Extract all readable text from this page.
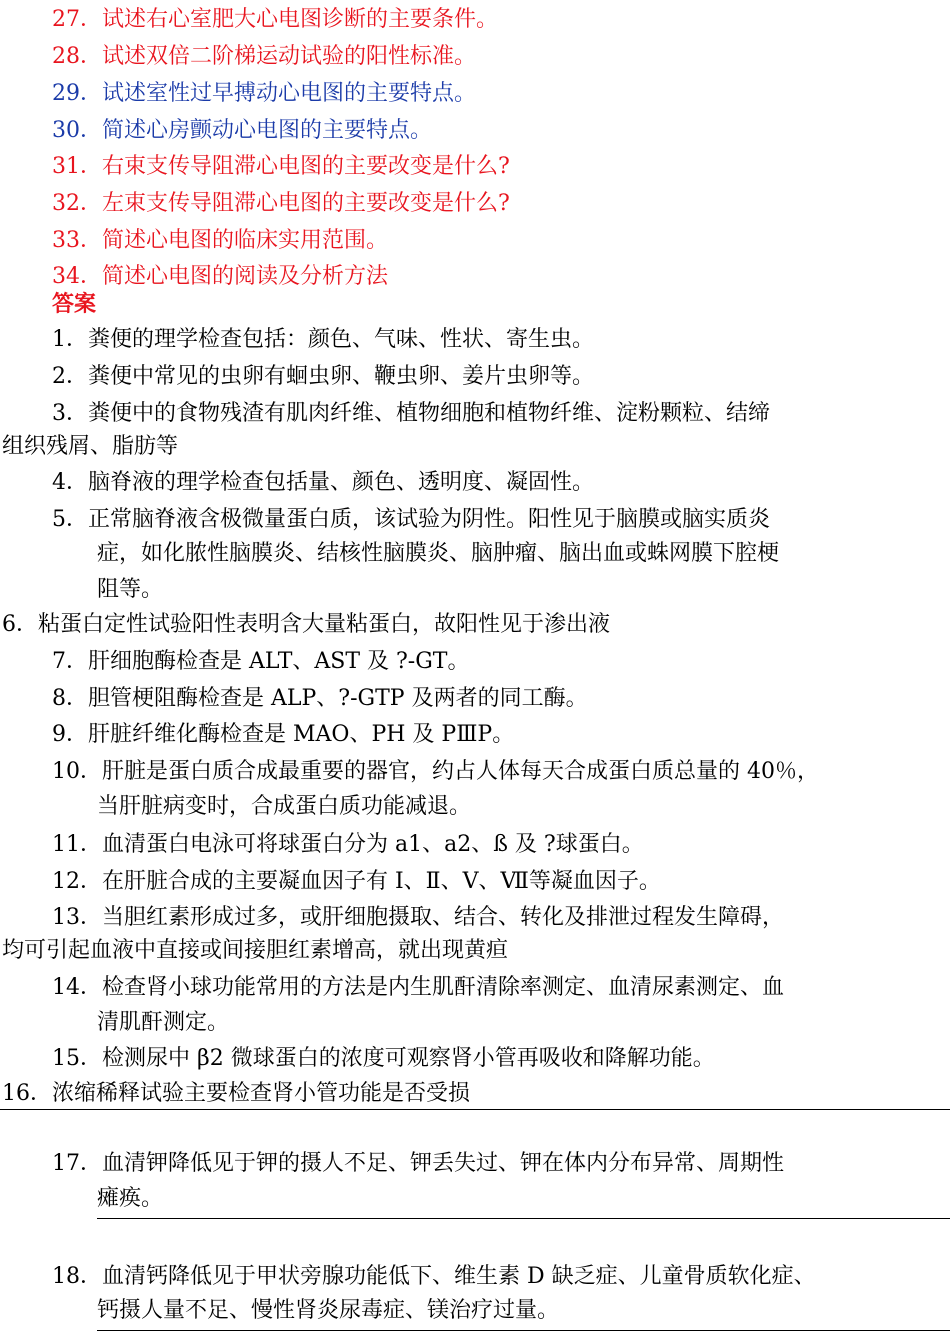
27．试述右心室肥大心电图诊断的主要条件。
28．试述双倍二阶梯运动试验的阳性标准。
29．试述室性过早搏动心电图的主要特点。
30．简述心房颤动心电图的主要特点。
31．右束支传导阻滞心电图的主要改变是什么?
32．左束支传导阻滞心电图的主要改变是什么?
33．简述心电图的临床实用范围。
34．简述心电图的阅读及分析方法
答案
1．粪便的理学检查包括：颜色、气味、性状、寄生虫。
2．粪便中常见的虫卵有蛔虫卵、鞭虫卵、姜片虫卵等。
3．粪便中的食物残渣有肌肉纤维、植物细胞和植物纤维、淀粉颗粒、结缔
组织残屑、脂肪等
4．脑脊液的理学检查包括量、颜色、透明度、凝固性。
5．正常脑脊液含极微量蛋白质，该试验为阴性。阳性见于脑膜或脑实质炎
症，如化脓性脑膜炎、结核性脑膜炎、脑肿瘤、脑出血或蛛网膜下腔梗
阻等。
6．粘蛋白定性试验阳性表明含大量粘蛋白，故阳性见于渗出液
7．肝细胞酶检查是 ALT、AST 及 ?-GT。
8．胆管梗阻酶检查是 ALP、?-GTP 及两者的同工酶。
9．肝脏纤维化酶检查是 MAO、PH 及 PⅢP。
10．肝脏是蛋白质合成最重要的器官，约占人体每天合成蛋白质总量的 40％，
当肝脏病变时，合成蛋白质功能减退。
11．血清蛋白电泳可将球蛋白分为 a1、a2、ß 及 ?球蛋白。
12．在肝脏合成的主要凝血因子有 Ⅰ、Ⅱ、Ⅴ、Ⅶ等凝血因子。
13．当胆红素形成过多，或肝细胞摄取、结合、转化及排泄过程发生障碍，
均可引起血液中直接或间接胆红素增高，就出现黄疸
14．检查肾小球功能常用的方法是内生肌酐清除率测定、血清尿素测定、血
清肌酐测定。
15．检测尿中 β2 微球蛋白的浓度可观察肾小管再吸收和降解功能。
16．浓缩稀释试验主要检查肾小管功能是否受损
17．血清钾降低见于钾的摄人不足、钾丢失过、钾在体内分布异常、周期性
瘫痪。
18．血清钙降低见于甲状旁腺功能低下、维生素 D 缺乏症、儿童骨质软化症、
钙摄人量不足、慢性肾炎尿毒症、镁治疗过量。
